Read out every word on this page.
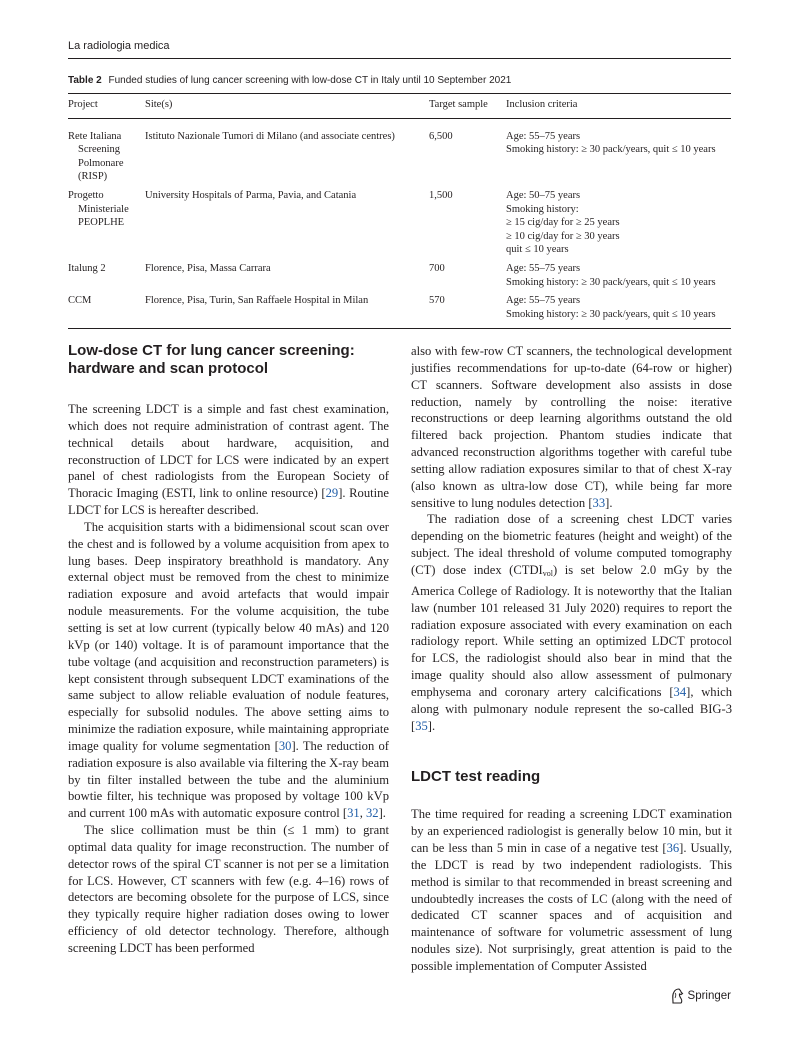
La radiologia medica
Table 2 Funded studies of lung cancer screening with low-dose CT in Italy until 10 September 2021
Project	Site(s)	Target sample	Inclusion criteria

Rete Italiana
Screening
Polmonare
(RISP)	Istituto Nazionale Tumori di Milano (and associate centres)	6,500	Age: 55–75 years
Smoking history: ≥ 30 pack/years, quit ≤ 10 years

Progetto
Ministeriale
PEOPLHE	University Hospitals of Parma, Pavia, and Catania	1,500	Age: 50–75 years
Smoking history:
≥ 15 cig/day for ≥ 25 years
≥ 10 cig/day for ≥ 30 years
quit ≤ 10 years

Italung 2	Florence, Pisa, Massa Carrara	700	Age: 55–75 years
Smoking history: ≥ 30 pack/years, quit ≤ 10 years

CCM	Florence, Pisa, Turin, San Raffaele Hospital in Milan	570	Age: 55–75 years
Smoking history: ≥ 30 pack/years, quit ≤ 10 years
Low-dose CT for lung cancer screening: hardware and scan protocol

The screening LDCT is a simple and fast chest examination, which does not require administration of contrast agent. The technical details about hardware, acquisition, and reconstruction of LDCT for LCS were indicated by an expert panel of chest radiologists from the European Society of Thoracic Imaging (ESTI, link to online resource) [29]. Routine LDCT for LCS is hereafter described.

The acquisition starts with a bidimensional scout scan over the chest and is followed by a volume acquisition from apex to lung bases. Deep inspiratory breathhold is mandatory. Any external object must be removed from the chest to minimize radiation exposure and avoid artefacts that would impair nodule measurements. For the volume acquisition, the tube setting is set at low current (typically below 40 mAs) and 120 kVp (or 140) voltage. It is of paramount importance that the tube voltage (and acquisition and reconstruction parameters) is kept consistent through subsequent LDCT examinations of the same subject to allow reliable evaluation of nodule features, especially for subsolid nodules. The above setting aims to minimize the radiation exposure, while maintaining appropriate image quality for volume segmentation [30]. The reduction of radiation exposure is also available via filtering the X-ray beam by tin filter installed between the tube and the aluminium bowtie filter, his technique was proposed by voltage 100 kVp and current 100 mAs with automatic exposure control [31, 32].

The slice collimation must be thin (≤ 1 mm) to grant optimal data quality for image reconstruction. The number of detector rows of the spiral CT scanner is not per se a limitation for LCS. However, CT scanners with few (e.g. 4–16) rows of detectors are becoming obsolete for the purpose of LCS, since they typically require higher radiation doses owing to lower efficiency of old detector technology. Therefore, although screening LDCT has been performed

also with few-row CT scanners, the technological development justifies recommendations for up-to-date (64-row or higher) CT scanners. Software development also assists in dose reduction, namely by controlling the noise: iterative reconstructions or deep learning algorithms outstand the old filtered back projection. Phantom studies indicate that advanced reconstruction algorithms together with careful tube setting allow radiation exposures similar to that of chest X-ray (also known as ultra-low dose CT), while being far more sensitive to lung nodules detection [33].

The radiation dose of a screening chest LDCT varies depending on the biometric features (height and weight) of the subject. The ideal threshold of volume computed tomography (CT) dose index $(CTDI_{vol})$ is set below 2.0 mGy by the America College of Radiology. It is noteworthy that the Italian law (number 101 released 31 July 2020) requires to report the radiation exposure associated with every examination on each radiology report. While setting an optimized LDCT protocol for LCS, the radiologist should also bear in mind that the image quality should also allow assessment of pulmonary emphysema and coronary artery calcifications [34], which along with pulmonary nodule represent the so-called BIG-3 [35].

LDCT test reading

The time required for reading a screening LDCT examination by an experienced radiologist is generally below 10 min, but it can be less than 5 min in case of a negative test [36]. Usually, the LDCT is read by two independent radiologists. This method is similar to that recommended in breast screening and undoubtedly increases the costs of LC (along with the need of dedicated CT scanner spaces and of acquisition and maintenance of software for volumetric assessment of lung nodules size). Not surprisingly, great attention is paid to the possible implementation of Computer Assisted

Springer
